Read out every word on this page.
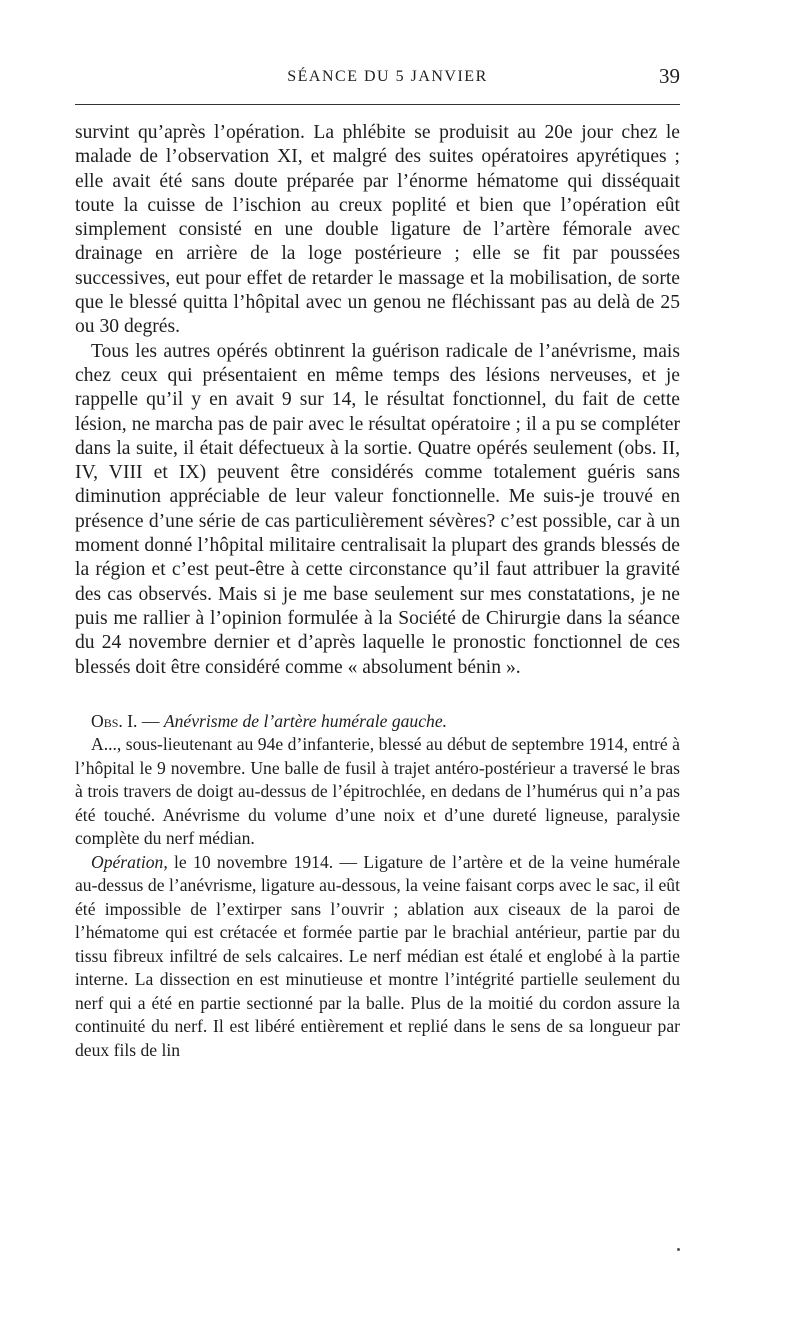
SÉANCE DU 5 JANVIER	39

survint qu’après l’opération. La phlébite se produisit au 20e jour chez le malade de l’observation XI, et malgré des suites opératoires apyrétiques ; elle avait été sans doute préparée par l’énorme hématome qui disséquait toute la cuisse de l’ischion au creux poplité et bien que l’opération eût simplement consisté en une double ligature de l’artère fémorale avec drainage en arrière de la loge postérieure ; elle se fit par poussées successives, eut pour effet de retarder le massage et la mobilisation, de sorte que le blessé quitta l’hôpital avec un genou ne fléchissant pas au delà de 25 ou 30 degrés.

Tous les autres opérés obtinrent la guérison radicale de l’anévrisme, mais chez ceux qui présentaient en même temps des lésions nerveuses, et je rappelle qu’il y en avait 9 sur 14, le résultat fonctionnel, du fait de cette lésion, ne marcha pas de pair avec le résultat opératoire ; il a pu se compléter dans la suite, il était défectueux à la sortie. Quatre opérés seulement (obs. II, IV, VIII et IX) peuvent être considérés comme totalement guéris sans diminution appréciable de leur valeur fonctionnelle. Me suis-je trouvé en présence d’une série de cas particulièrement sévères? c’est possible, car à un moment donné l’hôpital militaire centralisait la plupart des grands blessés de la région et c’est peut-être à cette circonstance qu’il faut attribuer la gravité des cas observés. Mais si je me base seulement sur mes constatations, je ne puis me rallier à l’opinion formulée à la Société de Chirurgie dans la séance du 24 novembre dernier et d’après laquelle le pronostic fonctionnel de ces blessés doit être considéré comme « absolument bénin ».

Obs. I. — Anévrisme de l’artère humérale gauche.

A..., sous-lieutenant au 94e d’infanterie, blessé au début de septembre 1914, entré à l’hôpital le 9 novembre. Une balle de fusil à trajet antéro-postérieur a traversé le bras à trois travers de doigt au-dessus de l’épitrochlée, en dedans de l’humérus qui n’a pas été touché. Anévrisme du volume d’une noix et d’une dureté ligneuse, paralysie complète du nerf médian.

Opération, le 10 novembre 1914. — Ligature de l’artère et de la veine humérale au-dessus de l’anévrisme, ligature au-dessous, la veine faisant corps avec le sac, il eût été impossible de l’extirper sans l’ouvrir ; ablation aux ciseaux de la paroi de l’hématome qui est crétacée et formée partie par le brachial antérieur, partie par du tissu fibreux infiltré de sels calcaires. Le nerf médian est étalé et englobé à la partie interne. La dissection en est minutieuse et montre l’intégrité partielle seulement du nerf qui a été en partie sectionné par la balle. Plus de la moitié du cordon assure la continuité du nerf. Il est libéré entièrement et replié dans le sens de sa longueur par deux fils de lin
